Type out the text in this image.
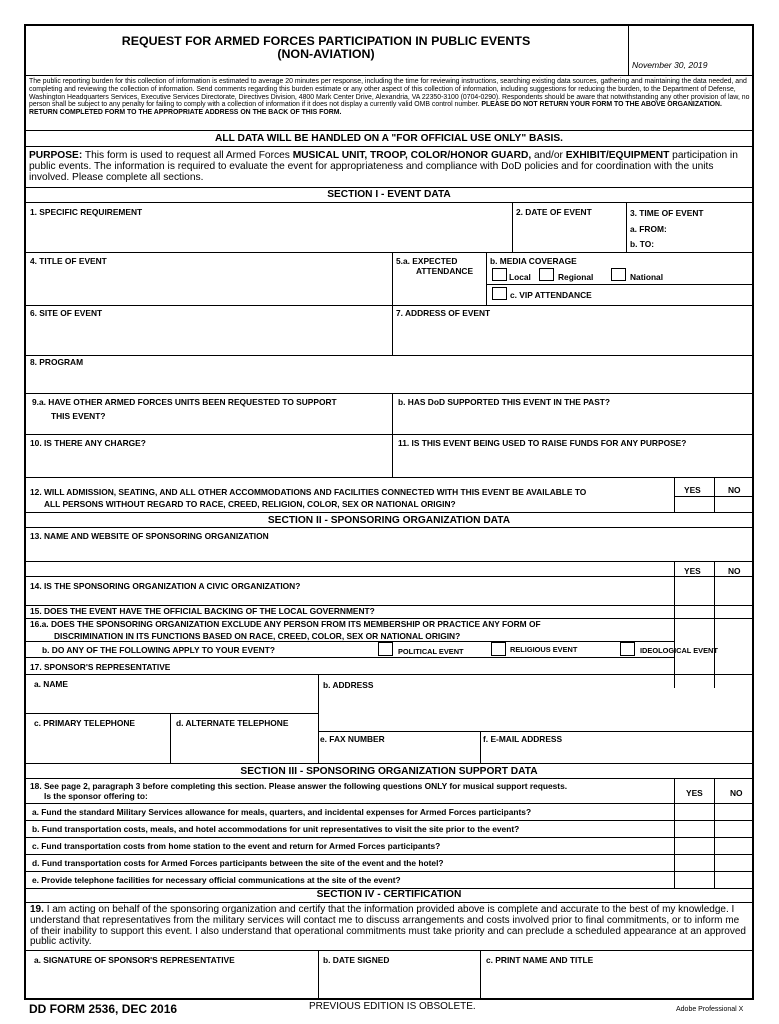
REQUEST FOR ARMED FORCES PARTICIPATION IN PUBLIC EVENTS
(NON-AVIATION)
November 30, 2019
The public reporting burden for this collection of information is estimated to average 20 minutes per response, including the time for reviewing instructions, searching existing data sources, gathering and maintaining the data needed, and completing and reviewing the collection of information. Send comments regarding this burden estimate or any other aspect of this collection of information, including suggestions for reducing the burden, to the Department of Defense, Washington Headquarters Services, Executive Services Directorate, Directives Division, 4800 Mark Center Drive, Alexandria, VA 22350-3100 (0704-0290). Respondents should be aware that notwithstanding any other provision of law, no person shall be subject to any penalty for failing to comply with a collection of information if it does not display a currently valid OMB control number. PLEASE DO NOT RETURN YOUR FORM TO THE ABOVE ORGANIZATION. RETURN COMPLETED FORM TO THE APPROPRIATE ADDRESS ON THE BACK OF THIS FORM.
ALL DATA WILL BE HANDLED ON A "FOR OFFICIAL USE ONLY" BASIS.
PURPOSE: This form is used to request all Armed Forces MUSICAL UNIT, TROOP, COLOR/HONOR GUARD, and/or EXHIBIT/EQUIPMENT participation in public events. The information is required to evaluate the event for appropriateness and compliance with DoD policies and for coordination with the units involved. Please complete all sections.
SECTION I - EVENT DATA
1. SPECIFIC REQUIREMENT	2. DATE OF EVENT	3. TIME OF EVENT
a. FROM:
b. TO:
4. TITLE OF EVENT	5.a. EXPECTED
ATTENDANCE
b. MEDIA COVERAGE
Local	Regional	National
c. VIP ATTENDANCE
6. SITE OF EVENT	7. ADDRESS OF EVENT
8. PROGRAM
9.a. HAVE OTHER ARMED FORCES UNITS BEEN REQUESTED TO SUPPORT
THIS EVENT?
b. HAS DoD SUPPORTED THIS EVENT IN THE PAST?
10. IS THERE ANY CHARGE?	11. IS THIS EVENT BEING USED TO RAISE FUNDS FOR ANY PURPOSE?
12. WILL ADMISSION, SEATING, AND ALL OTHER ACCOMMODATIONS AND FACILITIES CONNECTED WITH THIS EVENT BE AVAILABLE TO
ALL PERSONS WITHOUT REGARD TO RACE, CREED, RELIGION, COLOR, SEX OR NATIONAL ORIGIN?
YES	NO
SECTION II - SPONSORING ORGANIZATION DATA
13. NAME AND WEBSITE OF SPONSORING ORGANIZATION
YES	NO
14. IS THE SPONSORING ORGANIZATION A CIVIC ORGANIZATION?
15. DOES THE EVENT HAVE THE OFFICIAL BACKING OF THE LOCAL GOVERNMENT?
16.a. DOES THE SPONSORING ORGANIZATION EXCLUDE ANY PERSON FROM ITS MEMBERSHIP OR PRACTICE ANY FORM OF
DISCRIMINATION IN ITS FUNCTIONS BASED ON RACE, CREED, COLOR, SEX OR NATIONAL ORIGIN?
b. DO ANY OF THE FOLLOWING APPLY TO YOUR EVENT?	POLITICAL EVENT	RELIGIOUS EVENT	IDEOLOGICAL EVENT
17. SPONSOR'S REPRESENTATIVE
a. NAME	b. ADDRESS
c. PRIMARY TELEPHONE	d. ALTERNATE TELEPHONE
e. FAX NUMBER	f. E-MAIL ADDRESS
SECTION III - SPONSORING ORGANIZATION SUPPORT DATA
18. See page 2, paragraph 3 before completing this section. Please answer the following questions ONLY for musical support requests.
Is the sponsor offering to:	YES	NO
a. Fund the standard Military Services allowance for meals, quarters, and incidental expenses for Armed Forces participants?
b. Fund transportation costs, meals, and hotel accommodations for unit representatives to visit the site prior to the event?
c. Fund transportation costs from home station to the event and return for Armed Forces participants?
d. Fund transportation costs for Armed Forces participants between the site of the event and the hotel?
e. Provide telephone facilities for necessary official communications at the site of the event?
SECTION IV - CERTIFICATION
19. I am acting on behalf of the sponsoring organization and certify that the information provided above is complete and accurate to the best of my knowledge. I understand that representatives from the military services will contact me to discuss arrangements and costs involved prior to final commitments, or to inform me of their inability to support this event. I also understand that operational commitments must take priority and can preclude a scheduled appearance at an approved public activity.
a. SIGNATURE OF SPONSOR'S REPRESENTATIVE	b. DATE SIGNED	c. PRINT NAME AND TITLE
DD FORM 2536, DEC 2016	PREVIOUS EDITION IS OBSOLETE.	Adobe Professional X
